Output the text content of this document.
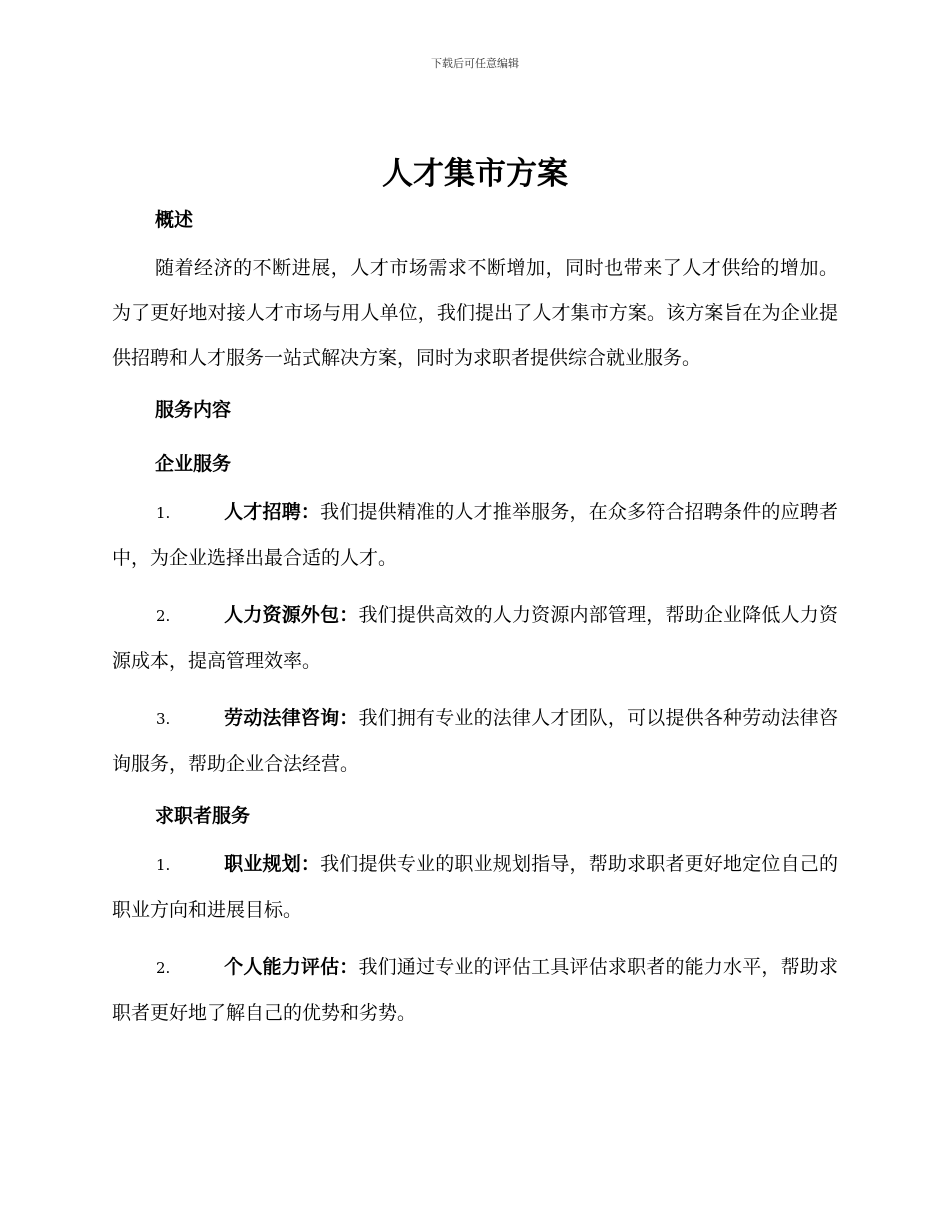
下载后可任意编辑
人才集市方案
概述

随着经济的不断进展，人才市场需求不断增加，同时也带来了人才供给的增加。为了更好地对接人才市场与用人单位，我们提出了人才集市方案。该方案旨在为企业提供招聘和人才服务一站式解决方案，同时为求职者提供综合就业服务。

服务内容
企业服务

1.	人才招聘：我们提供精准的人才推举服务，在众多符合招聘条件的应聘者中，为企业选择出最合适的人才。

2.	人力资源外包：我们提供高效的人力资源内部管理，帮助企业降低人力资源成本，提高管理效率。

3.	劳动法律咨询：我们拥有专业的法律人才团队，可以提供各种劳动法律咨询服务，帮助企业合法经营。

求职者服务

1.	职业规划：我们提供专业的职业规划指导，帮助求职者更好地定位自己的职业方向和进展目标。

2.	个人能力评估：我们通过专业的评估工具评估求职者的能力水平，帮助求职者更好地了解自己的优势和劣势。
